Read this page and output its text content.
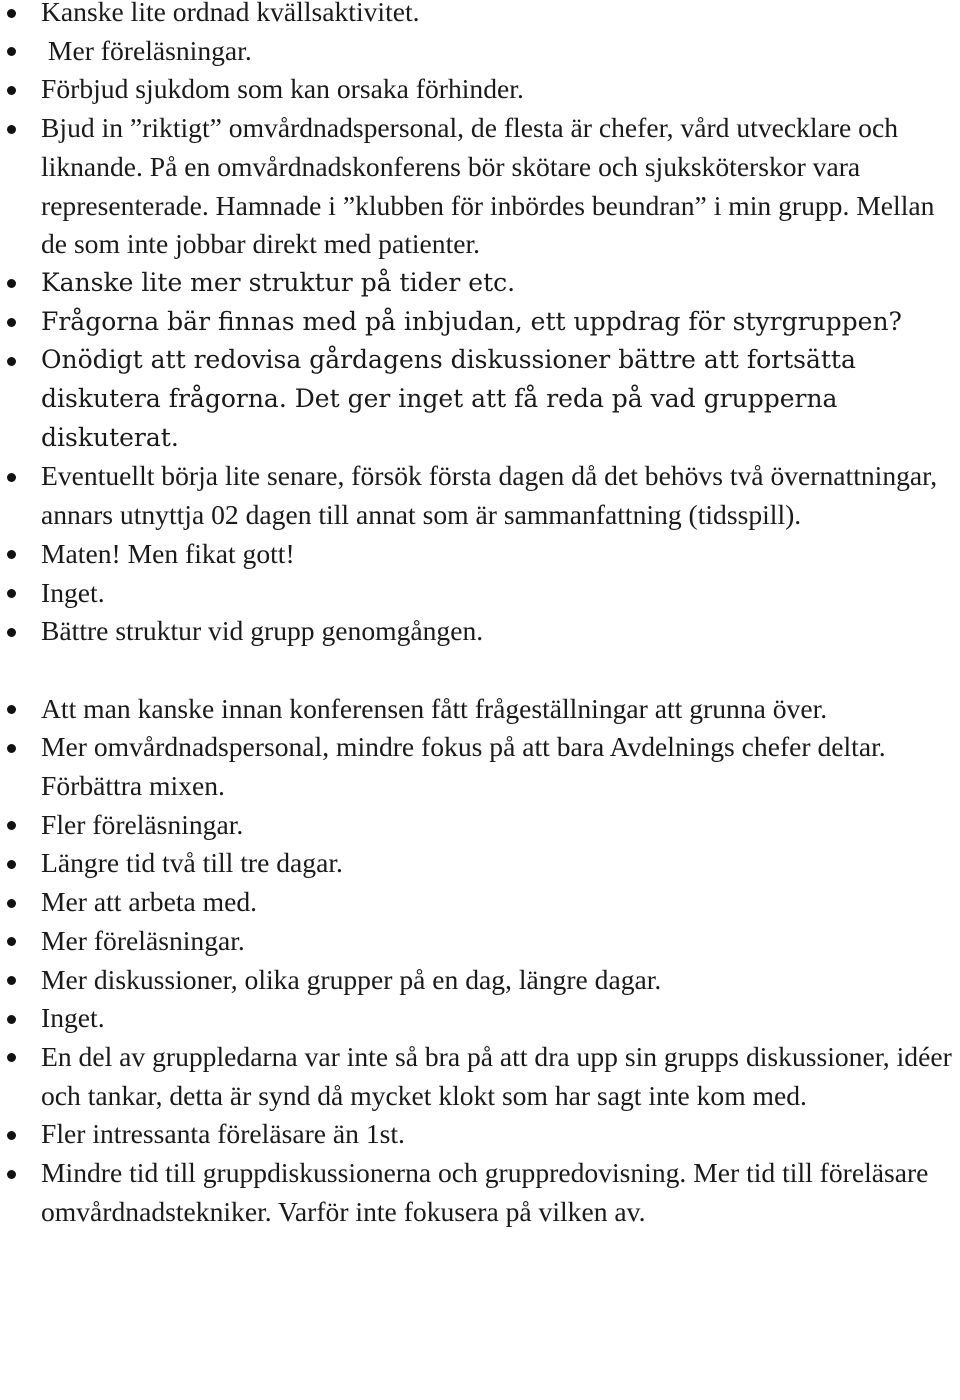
Kanske lite ordnad kvällsaktivitet.
Mer föreläsningar.
Förbjud sjukdom som kan orsaka förhinder.
Bjud in ”riktigt” omvårdnadspersonal, de flesta är chefer, vård utvecklare och liknande. På en omvårdnadskonferens bör skötare och sjuksköterskor vara representerade. Hamnade i ”klubben för inbördes beundran” i min grupp. Mellan de som inte jobbar direkt med patienter.
Kanske lite mer struktur på tider etc.
Frågorna bär finnas med på inbjudan, ett uppdrag för styrgruppen?
Onödigt att redovisa gårdagens diskussioner bättre att fortsätta diskutera frågorna. Det ger inget att få reda på vad grupperna diskuterat.
Eventuellt börja lite senare, försök första dagen då det behövs två övernattningar, annars utnyttja 02 dagen till annat som är sammanfattning (tidsspill).
Maten! Men fikat gott!
Inget.
Bättre struktur vid grupp genomgången.
Att man kanske innan konferensen fått frågeställningar att grunna över.
Mer omvårdnadspersonal, mindre fokus på att bara Avdelnings chefer deltar. Förbättra mixen.
Fler föreläsningar.
Längre tid två till tre dagar.
Mer att arbeta med.
Mer föreläsningar.
Mer diskussioner, olika grupper på en dag, längre dagar.
Inget.
En del av gruppledarna var inte så bra på att dra upp sin grupps diskussioner, idéer och tankar, detta är synd då mycket klokt som har sagt inte kom med.
Fler intressanta föreläsare än 1st.
Mindre tid till gruppdiskussionerna och gruppredovisning. Mer tid till föreläsare omvårdnadstekniker. Varför inte fokusera på vilken av.
